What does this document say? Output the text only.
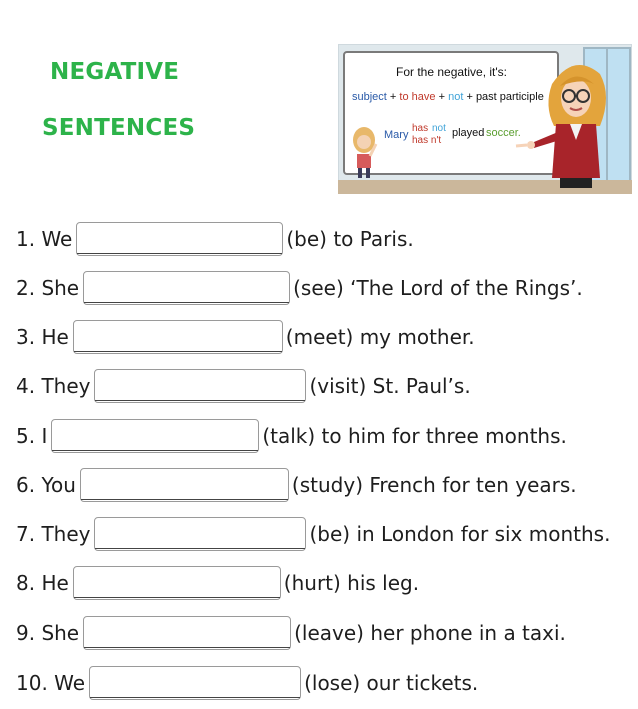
NEGATIVE
SENTENCES
For the negative, it's:
subject + to have + not + past participle
Mary
has not
has n't
played soccer.
1. We	(be) to Paris.
2. She	(see) ‘The Lord of the Rings’.
3. He	(meet) my mother.
4. They	(visit) St. Paul’s.
5. I	(talk) to him for three months.
6. You	(study) French for ten years.
7. They	(be) in London for six months.
8. He	(hurt) his leg.
9. She	(leave) her phone in a taxi.
10. We	(lose) our tickets.
